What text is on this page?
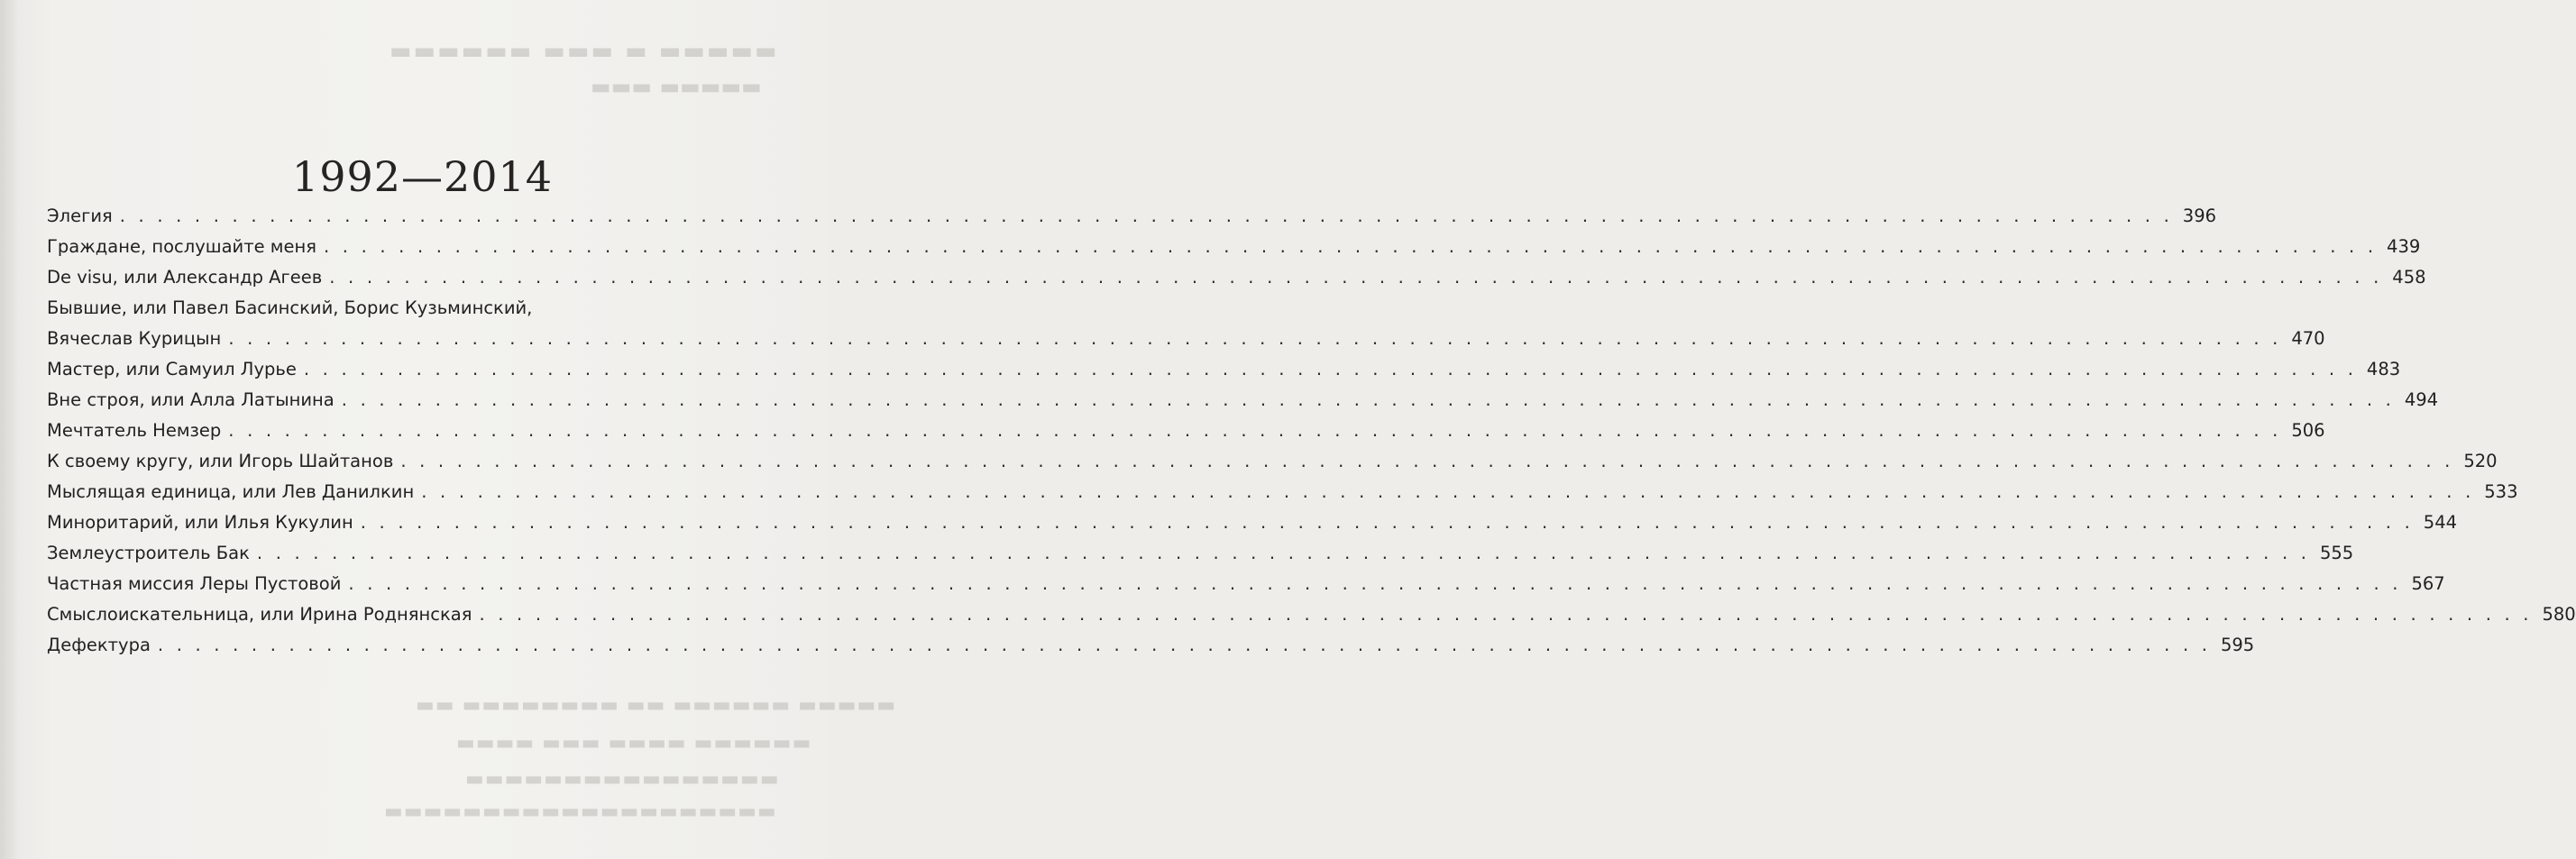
▬▬▬▬▬ ▬ ▬▬▬ ▬▬▬▬▬▬
▬▬▬▬▬ ▬▬▬
▬▬▬▬▬ ▬▬▬▬▬▬ ▬▬ ▬▬▬▬▬▬▬▬ ▬▬
▬▬▬▬▬▬ ▬▬▬▬ ▬▬▬ ▬▬▬▬
▬▬▬▬▬▬▬▬▬▬▬▬▬▬▬▬
▬▬▬▬▬▬▬▬▬▬▬▬▬▬▬▬▬▬▬▬
1992—2014
Элегия . . .	396
Граждане, послушайте меня . . .	439
De visu, или Александр Агеев . . .	458
Бывшие, или Павел Басинский, Борис Кузьминский,
Вячеслав Курицын . . .	470
Мастер, или Самуил Лурье . . .	483
Вне строя, или Алла Латынина . . .	494
Мечтатель Немзер . . .	506
К своему кругу, или Игорь Шайтанов . . .	520
Мыслящая единица, или Лев Данилкин . . .	533
Миноритарий, или Илья Кукулин . . .	544
Землеустроитель Бак . . .	555
Частная миссия Леры Пустовой . . .	567
Смыслоискательница, или Ирина Роднянская . . .	580
Дефектура . . .	595
